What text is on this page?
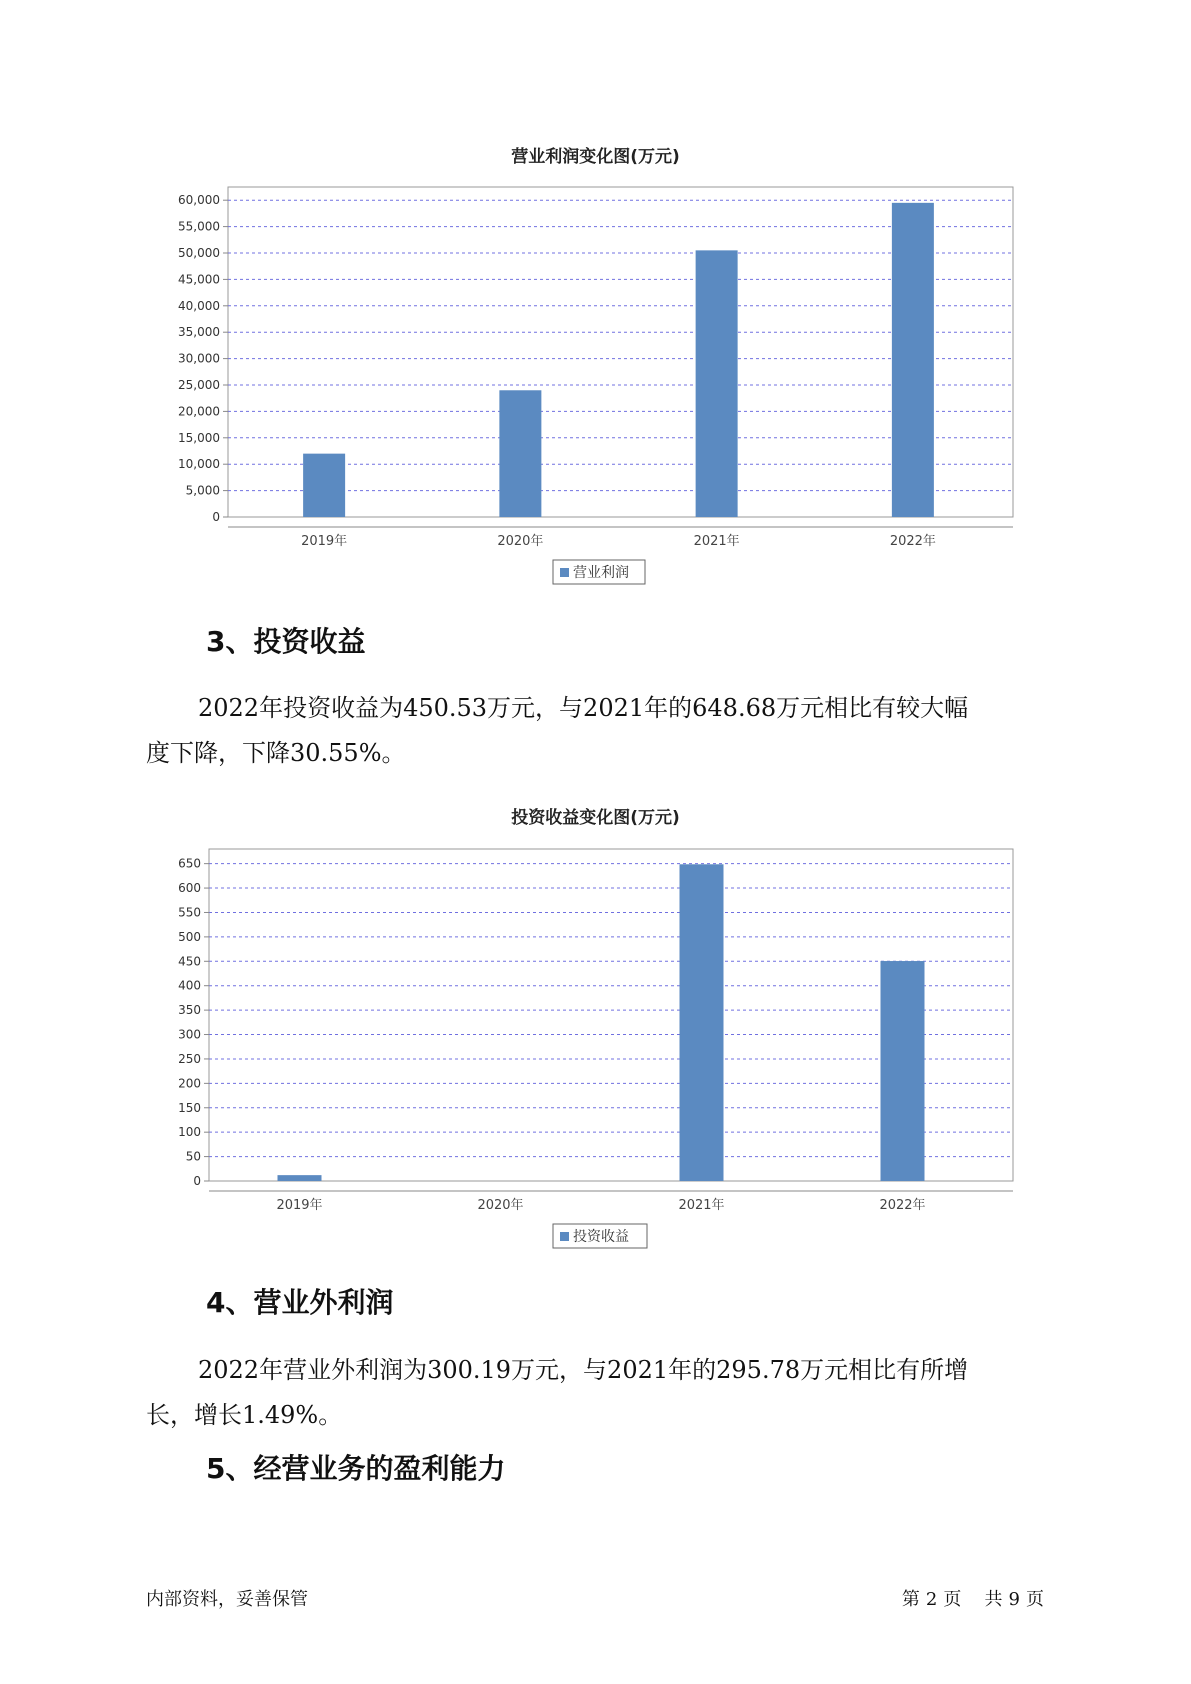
营业利润变化图(万元)
0
5,000
10,000
15,000
20,000
25,000
30,000
35,000
40,000
45,000
50,000
55,000
60,000
2019年	2020年	2021年	2022年
营业利润
3、投资收益
2022年投资收益为450.53万元，与2021年的648.68万元相比有较大幅
度下降，下降30.55%。
投资收益变化图(万元)
0
50
100
150
200
250
300
350
400
450
500
550
600
650
2019年	2020年	2021年	2022年
投资收益
4、营业外利润
2022年营业外利润为300.19万元，与2021年的295.78万元相比有所增
长，增长1.49%。
5、经营业务的盈利能力
内部资料，妥善保管	第 2 页 共 9 页
